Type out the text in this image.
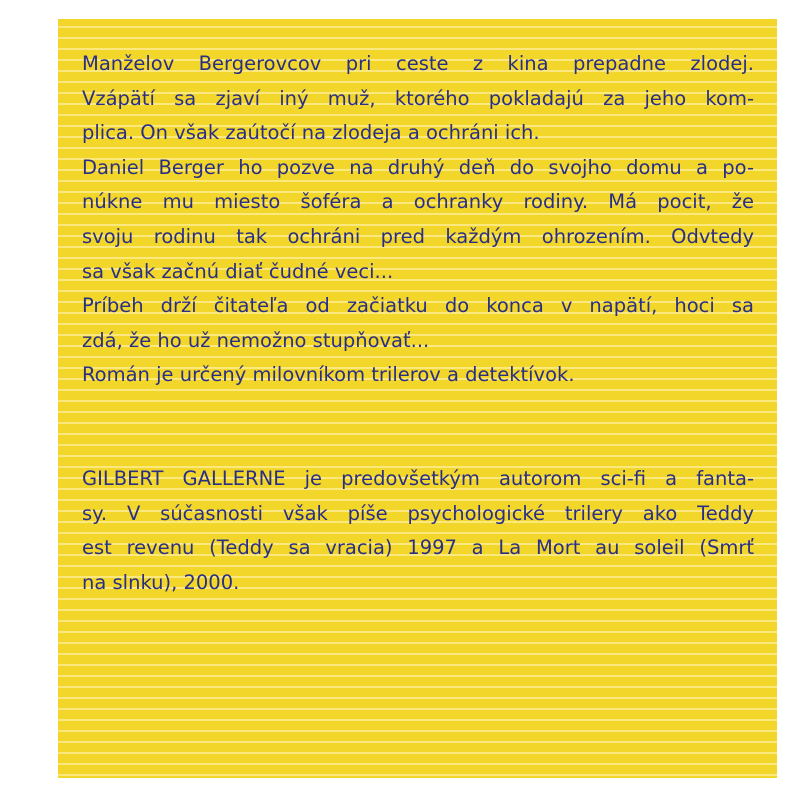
Manželov Bergerovcov pri ceste z kina prepadne zlodej.
Vzápätí sa zjaví iný muž, ktorého pokladajú za jeho kom-
plica. On však zaútočí na zlodeja a ochráni ich.

Daniel Berger ho pozve na druhý deň do svojho domu a po-
núkne mu miesto šoféra a ochranky rodiny. Má pocit, že
svoju rodinu tak ochráni pred každým ohrozením. Odvtedy
sa však začnú diať čudné veci...

Príbeh drží čitateľa od začiatku do konca v napätí, hoci sa
zdá, že ho už nemožno stupňovať...

Román je určený milovníkom trilerov a detektívok.

GILBERT GALLERNE je predovšetkým autorom sci-fi a fanta-
sy. V súčasnosti však píše psychologické trilery ako Teddy
est revenu (Teddy sa vracia) 1997 a La Mort au soleil (Smrť
na slnku), 2000.
